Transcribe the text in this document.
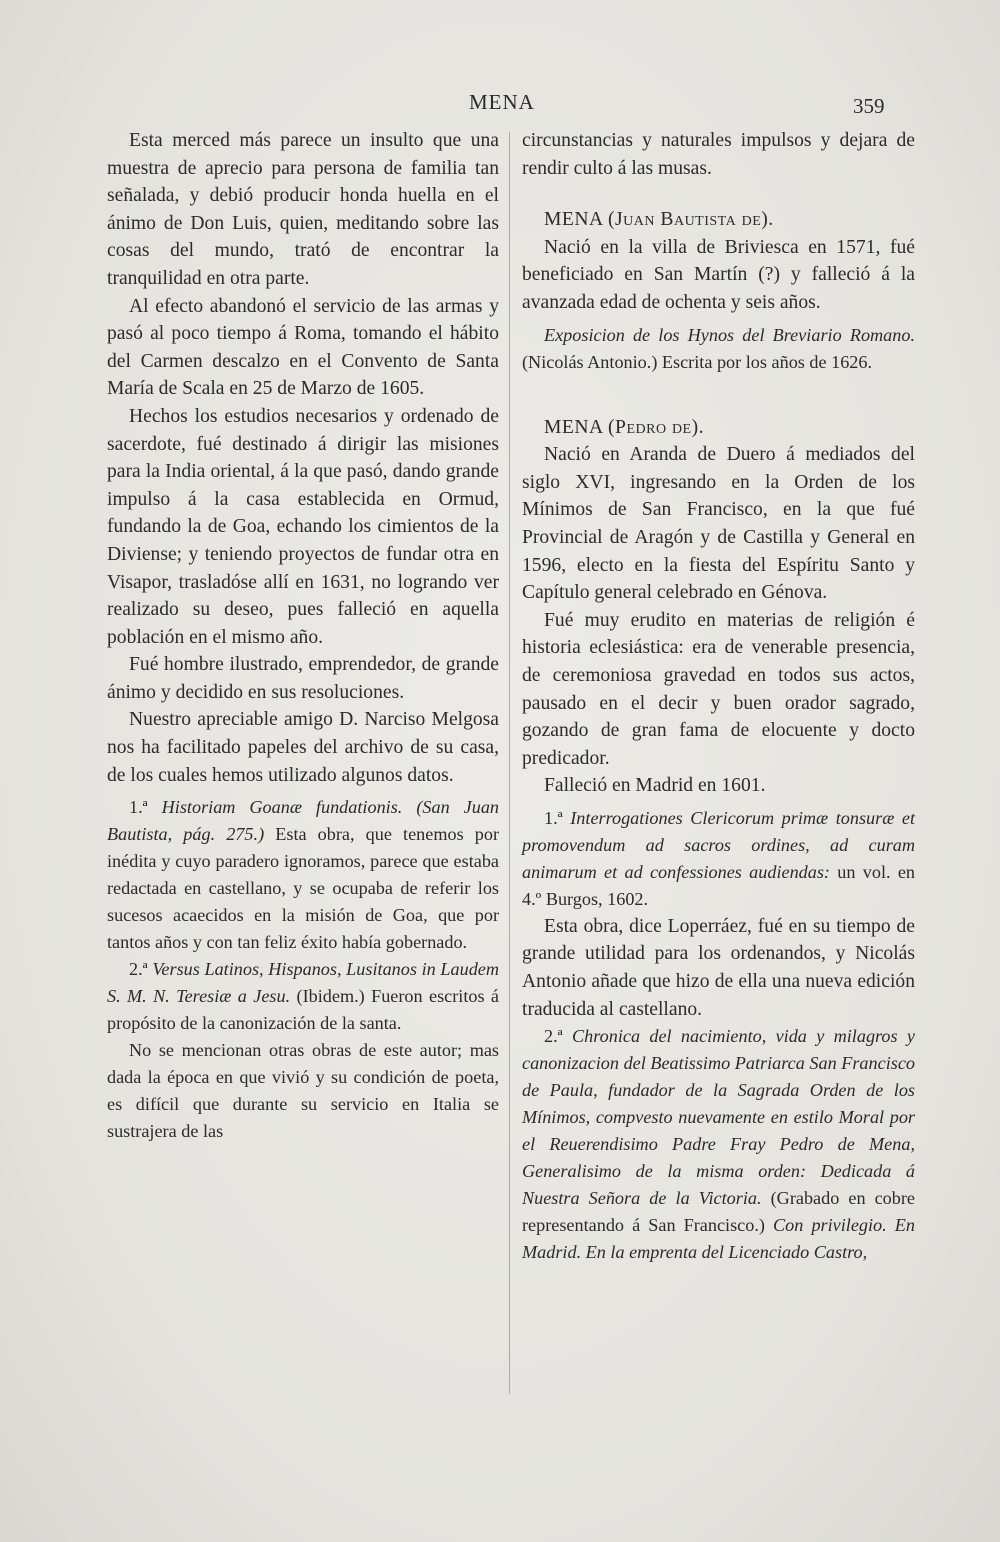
MENA	359

Esta merced más parece un insulto que una muestra de aprecio para persona de familia tan señalada, y debió producir honda huella en el ánimo de Don Luis, quien, meditando sobre las cosas del mundo, trató de encontrar la tranquilidad en otra parte.

Al efecto abandonó el servicio de las armas y pasó al poco tiempo á Roma, tomando el hábito del Carmen descalzo en el Convento de Santa María de Scala en 25 de Marzo de 1605.

Hechos los estudios necesarios y ordenado de sacerdote, fué destinado á dirigir las misiones para la India oriental, á la que pasó, dando grande impulso á la casa establecida en Ormud, fundando la de Goa, echando los cimientos de la Diviense; y teniendo proyectos de fundar otra en Visapor, trasladóse allí en 1631, no logrando ver realizado su deseo, pues falleció en aquella población en el mismo año.

Fué hombre ilustrado, emprendedor, de grande ánimo y decidido en sus resoluciones.

Nuestro apreciable amigo D. Narciso Melgosa nos ha facilitado papeles del archivo de su casa, de los cuales hemos utilizado algunos datos.

1.ª Historiam Goanæ fundationis. (San Juan Bautista, pág. 275.) Esta obra, que tenemos por inédita y cuyo paradero ignoramos, parece que estaba redactada en castellano, y se ocupaba de referir los sucesos acaecidos en la misión de Goa, que por tantos años y con tan feliz éxito había gobernado.

2.ª Versus Latinos, Hispanos, Lusitanos in Laudem S. M. N. Teresiæ a Jesu. (Ibidem.) Fueron escritos á propósito de la canonización de la santa.

No se mencionan otras obras de este autor; mas dada la época en que vivió y su condición de poeta, es difícil que durante su servicio en Italia se sustrajera de las

circunstancias y naturales impulsos y dejara de rendir culto á las musas.

MENA (Juan Bautista de).

Nació en la villa de Briviesca en 1571, fué beneficiado en San Martín (?) y falleció á la avanzada edad de ochenta y seis años.

Exposicion de los Hynos del Breviario Romano. (Nicolás Antonio.) Escrita por los años de 1626.

MENA (Pedro de).

Nació en Aranda de Duero á mediados del siglo XVI, ingresando en la Orden de los Mínimos de San Francisco, en la que fué Provincial de Aragón y de Castilla y General en 1596, electo en la fiesta del Espíritu Santo y Capítulo general celebrado en Génova.

Fué muy erudito en materias de religión é historia eclesiástica: era de venerable presencia, de ceremoniosa gravedad en todos sus actos, pausado en el decir y buen orador sagrado, gozando de gran fama de elocuente y docto predicador.

Falleció en Madrid en 1601.

1.ª Interrogationes Clericorum primæ tonsuræ et promovendum ad sacros ordines, ad curam animarum et ad confessiones audiendas: un vol. en 4.º Burgos, 1602.

Esta obra, dice Loperráez, fué en su tiempo de grande utilidad para los ordenandos, y Nicolás Antonio añade que hizo de ella una nueva edición traducida al castellano.

2.ª Chronica del nacimiento, vida y milagros y canonizacion del Beatissimo Patriarca San Francisco de Paula, fundador de la Sagrada Orden de los Mínimos, compvesto nuevamente en estilo Moral por el Reuerendisimo Padre Fray Pedro de Mena, Generalisimo de la misma orden: Dedicada á Nuestra Señora de la Victoria. (Grabado en cobre representando á San Francisco.) Con privilegio. En Madrid. En la emprenta del Licenciado Castro,
